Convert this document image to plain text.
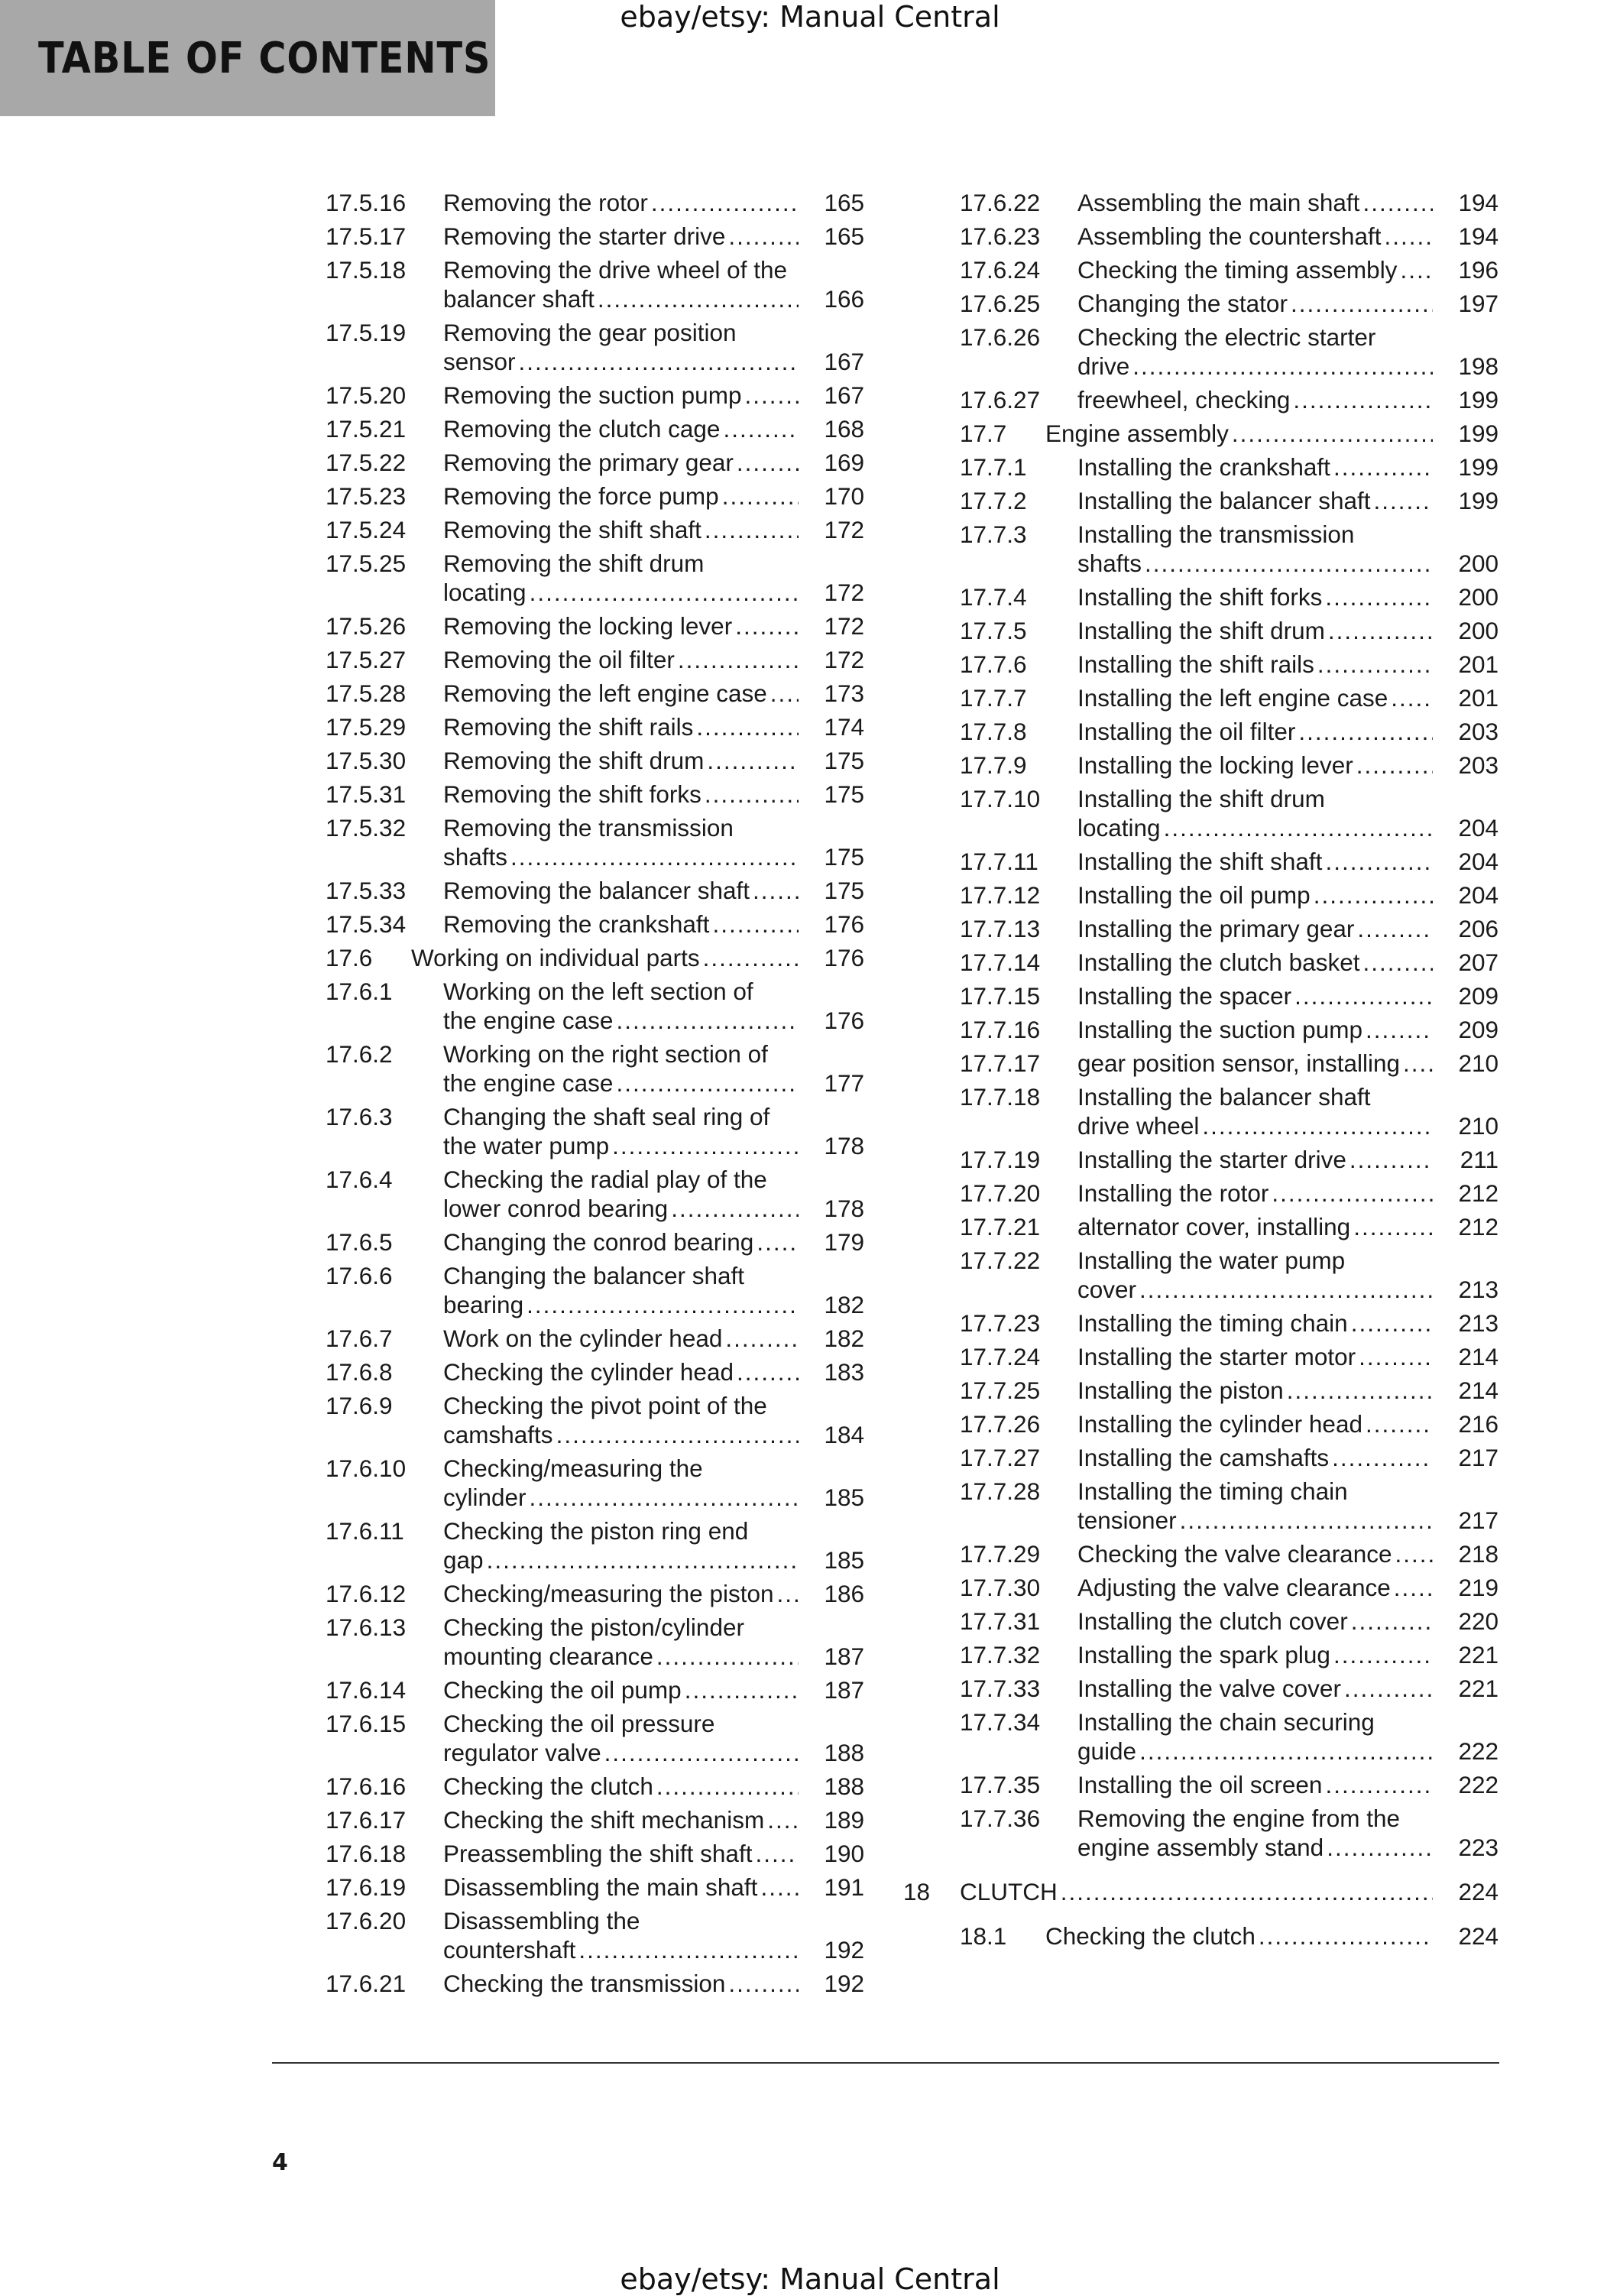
TABLE OF CONTENTS
ebay/etsy: Manual Central
17.5.16 Removing the rotor .....	165
17.5.17 Removing the starter drive .....	165
17.5.18 Removing the drive wheel of the
balancer shaft .....	166
17.5.19 Removing the gear position
sensor .....	167
17.5.20 Removing the suction pump .....	167
17.5.21 Removing the clutch cage .....	168
17.5.22 Removing the primary gear .....	169
17.5.23 Removing the force pump .....	170
17.5.24 Removing the shift shaft .....	172
17.5.25 Removing the shift drum
locating .....	172
17.5.26 Removing the locking lever .....	172
17.5.27 Removing the oil filter .....	172
17.5.28 Removing the left engine case ..... 173
17.5.29 Removing the shift rails .....	174
17.5.30 Removing the shift drum .....	175
17.5.31 Removing the shift forks .....	175
17.5.32 Removing the transmission
shafts .....	175
17.5.33 Removing the balancer shaft .....	175
17.5.34 Removing the crankshaft .....	176
17.6 Working on individual parts .....	176
17.6.1 Working on the left section of
the engine case .....	176
17.6.2 Working on the right section of
the engine case .....	177
17.6.3 Changing the shaft seal ring of
the water pump .....	178
17.6.4 Checking the radial play of the
lower conrod bearing .....	178
17.6.5 Changing the conrod bearing .....	179
17.6.6 Changing the balancer shaft
bearing .....	182
17.6.7 Work on the cylinder head .....	182
17.6.8 Checking the cylinder head .....	183
17.6.9 Checking the pivot point of the
camshafts .....	184
17.6.10 Checking/measuring the
cylinder .....	185
17.6.11 Checking the piston ring end
gap .....	185
17.6.12 Checking/measuring the piston ..... 186
17.6.13 Checking the piston/cylinder
mounting clearance .....	187
17.6.14 Checking the oil pump .....	187
17.6.15 Checking the oil pressure
regulator valve .....	188
17.6.16 Checking the clutch .....	188
17.6.17 Checking the shift mechanism ..... 189
17.6.18 Preassembling the shift shaft .....	190
17.6.19 Disassembling the main shaft .....	191
17.6.20 Disassembling the
countershaft .....	192
17.6.21 Checking the transmission .....	192
17.6.22 Assembling the main shaft .....	194
17.6.23 Assembling the countershaft .....	194
17.6.24 Checking the timing assembly .....	196
17.6.25 Changing the stator .....	197
17.6.26 Checking the electric starter
drive .....	198
17.6.27 freewheel, checking .....	199
17.7 Engine assembly .....	199
17.7.1 Installing the crankshaft .....	199
17.7.2 Installing the balancer shaft .....	199
17.7.3 Installing the transmission
shafts .....	200
17.7.4 Installing the shift forks .....	200
17.7.5 Installing the shift drum .....	200
17.7.6 Installing the shift rails .....	201
17.7.7 Installing the left engine case .....	201
17.7.8 Installing the oil filter .....	203
17.7.9 Installing the locking lever .....	203
17.7.10 Installing the shift drum
locating .....	204
17.7.11 Installing the shift shaft .....	204
17.7.12 Installing the oil pump .....	204
17.7.13 Installing the primary gear .....	206
17.7.14 Installing the clutch basket .....	207
17.7.15 Installing the spacer .....	209
17.7.16 Installing the suction pump .....	209
17.7.17 gear position sensor, installing ..... 210
17.7.18 Installing the balancer shaft
drive wheel .....	210
17.7.19 Installing the starter drive .....	211
17.7.20 Installing the rotor .....	212
17.7.21 alternator cover, installing .....	212
17.7.22 Installing the water pump
cover .....	213
17.7.23 Installing the timing chain .....	213
17.7.24 Installing the starter motor .....	214
17.7.25 Installing the piston .....	214
17.7.26 Installing the cylinder head .....	216
17.7.27 Installing the camshafts .....	217
17.7.28 Installing the timing chain
tensioner .....	217
17.7.29 Checking the valve clearance .....	218
17.7.30 Adjusting the valve clearance .....	219
17.7.31 Installing the clutch cover .....	220
17.7.32 Installing the spark plug .....	221
17.7.33 Installing the valve cover .....	221
17.7.34 Installing the chain securing
guide .....	222
17.7.35 Installing the oil screen .....	222
17.7.36 Removing the engine from the
engine assembly stand .....	223
18 CLUTCH .....	224
18.1 Checking the clutch .....	224
4
ebay/etsy: Manual Central
